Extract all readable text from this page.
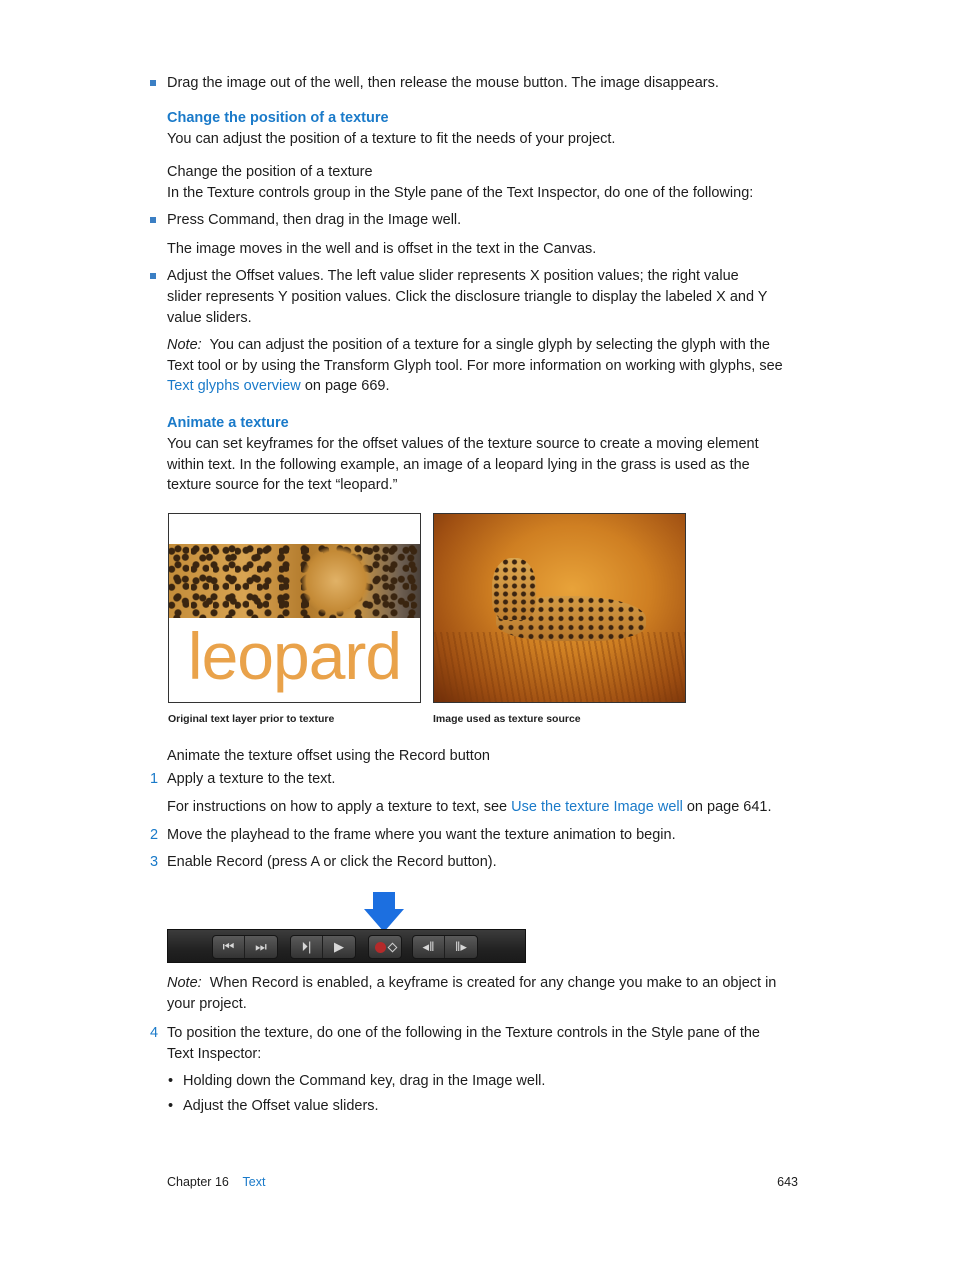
Drag the image out of the well, then release the mouse button. The image disappears.
Change the position of a texture
You can adjust the position of a texture to fit the needs of your project.
Change the position of a texture
In the Texture controls group in the Style pane of the Text Inspector, do one of the following:
Press Command, then drag in the Image well.
The image moves in the well and is offset in the text in the Canvas.
Adjust the Offset values. The left value slider represents X position values; the right value
slider represents Y position values. Click the disclosure triangle to display the labeled X and Y
value sliders.
Note: You can adjust the position of a texture for a single glyph by selecting the glyph with the
Text tool or by using the Transform Glyph tool. For more information on working with glyphs, see
Text glyphs overview on page 669.
Animate a texture
You can set keyframes for the offset values of the texture source to create a moving element
within text. In the following example, an image of a leopard lying in the grass is used as the
texture source for the text “leopard.”
leopard
Original text layer prior to texture	Image used as texture source
Animate the texture offset using the Record button
1 Apply a texture to the text.
For instructions on how to apply a texture to text, see Use the texture Image well on page 641.
2 Move the playhead to the frame where you want the texture animation to begin.
3 Enable Record (press A or click the Record button).
⏮ ⏭	⏵| ▶	◂‖ ‖▸
Note: When Record is enabled, a keyframe is created for any change you make to an object in
your project.
4 To position the texture, do one of the following in the Texture controls in the Style pane of the
Text Inspector:
• Holding down the Command key, drag in the Image well.
• Adjust the Offset value sliders.
Chapter 16 Text	643
